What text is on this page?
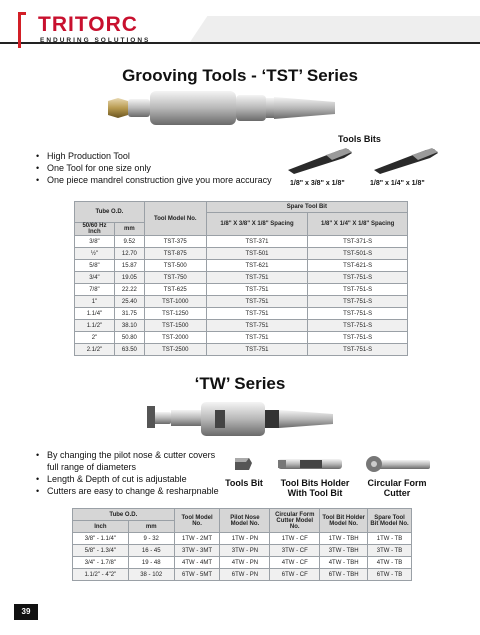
TRITORC
ENDURING SOLUTIONS
Grooving Tools - ‘TST’ Series
Tools Bits
1/8" x 3/8" x 1/8"	1/8" x 1/4" x 1/8"
• High Production Tool
• One Tool for one size only
• One piece mandrel construction give you more accuracy
Tube O.D.		Tool Model No.	Spare Tool Bit	
			1/8" X 3/8" X 1/8" Spacing	1/8" X 1/4" X 1/8" Spacing
50/60 Hz Inch	mm			
3/8"	9.52	TST-375	TST-371	TST-371-S
½"	12.70	TST-875	TST-501	TST-501-S
5/8"	15.87	TST-500	TST-621	TST-621-S
3/4"	19.05	TST-750	TST-751	TST-751-S
7/8"	22.22	TST-625	TST-751	TST-751-S
1"	25.40	TST-1000	TST-751	TST-751-S
1.1/4"	31.75	TST-1250	TST-751	TST-751-S
1.1/2"	38.10	TST-1500	TST-751	TST-751-S
2"	50.80	TST-2000	TST-751	TST-751-S
2.1/2"	63.50	TST-2500	TST-751	TST-751-S
‘TW’ Series
• By changing the pilot nose & cutter covers full range of diameters
• Length & Depth of cut is adjustable
• Cutters are easy to change & resharpnable
Tools Bit	Tool Bits Holder With Tool Bit
Circular Form Cutter
Tube O.D.		Tool Model No.	Pilot Nose Model No.	Circular Form Cutter Model No.	Tool Bit Holder Model No.	Spare Tool Bit Model No.
Inch	mm					
3/8" - 1.1/4"	9 - 32	1TW - 2MT	1TW - PN	1TW - CF	1TW - TBH	1TW - TB
5/8" - 1.3/4"	16 - 45	3TW - 3MT	3TW - PN	3TW - CF	3TW - TBH	3TW - TB
3/4" - 1.7/8"	19 - 48	4TW - 4MT	4TW - PN	4TW - CF	4TW - TBH	4TW - TB
1.1/2" - 4"2"	38 - 102	6TW - 5MT	6TW - PN	6TW - CF	6TW - TBH	6TW - TB
39
